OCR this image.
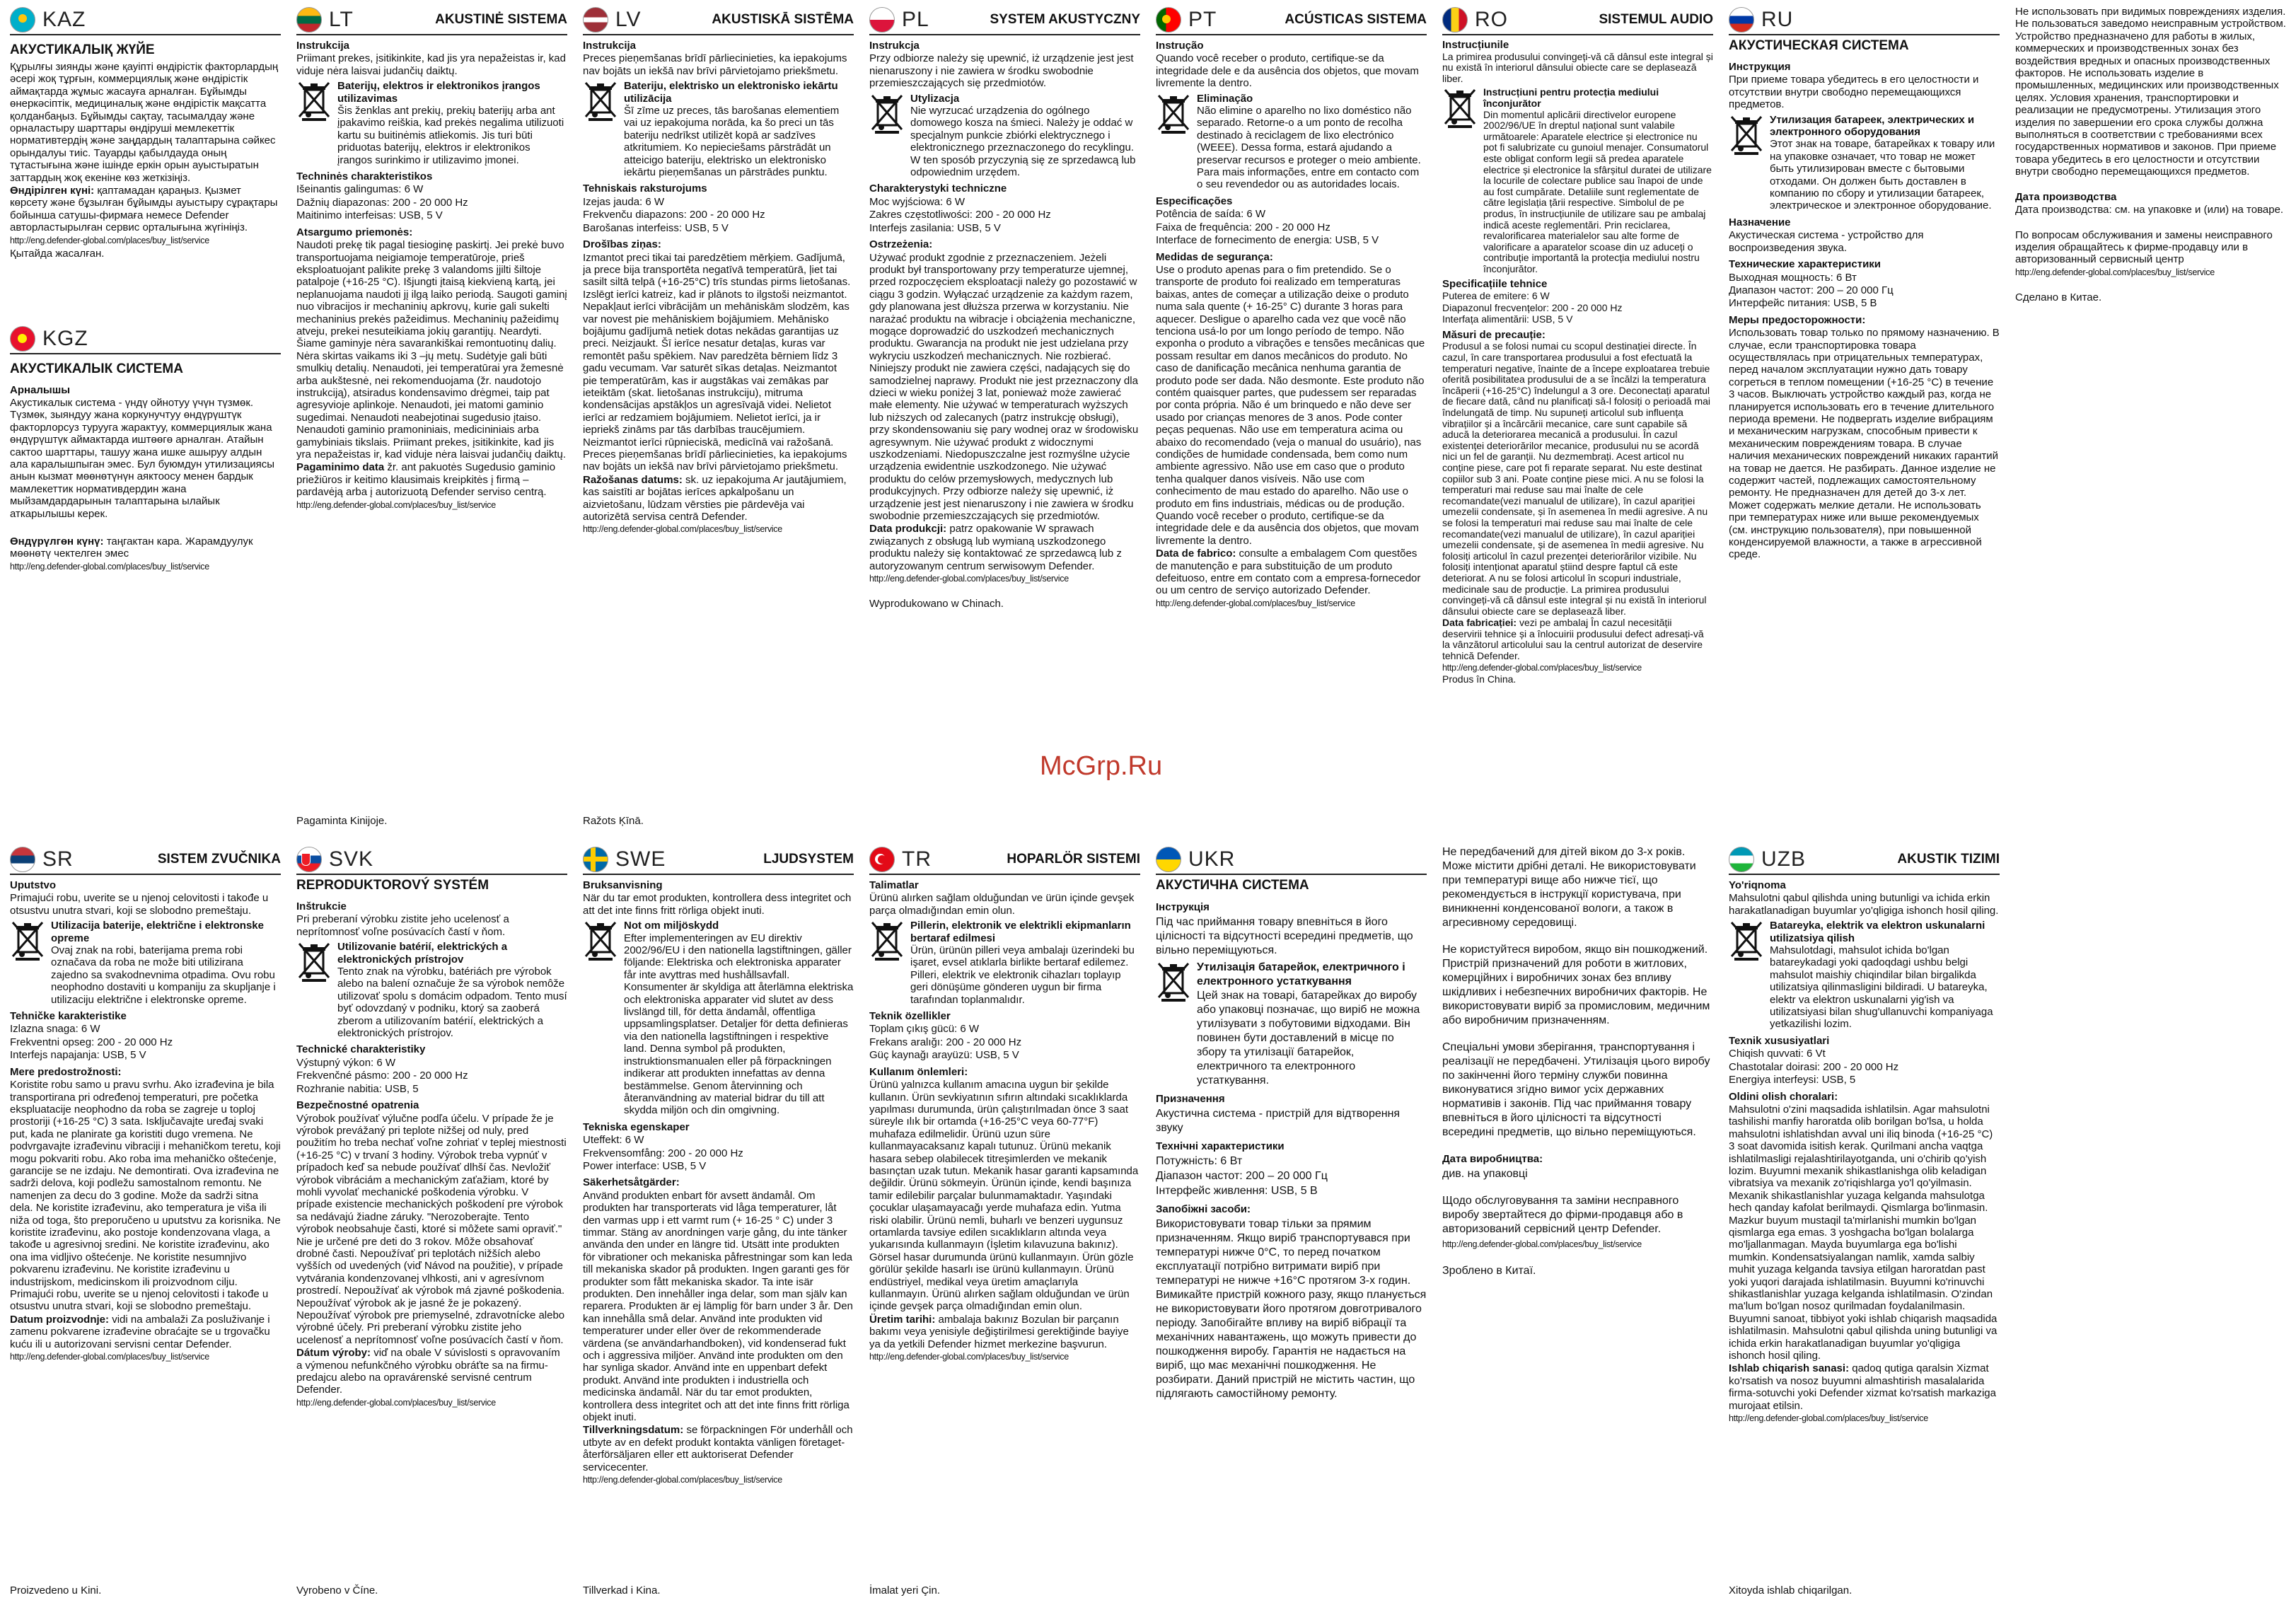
KAZ
АКУСТИКАЛЫҚ ЖҮЙЕ

Құрылғы зиянды және қауіпті өндірістік факторлардың әсері жоқ тұрғын, коммерциялық және өндірістік аймақтарда жұмыс жасауға арналған. Бұйымды өнеркәсіптік, медициналық және өндірістік мақсатта қолданбаңыз. Бұйымды сақтау, тасымалдау және орналастыру шарттары өндіруші мемлекеттік нормативтердің және заңдардың талаптарына сәйкес орындалуы тиіс. Тауарды қабылдауда оның тұтастығына және ішінде еркін орын ауыстыратын заттардың жоқ екеніне көз жеткізіңіз.

Өндірілген күні: қаптамадан қараңыз. Қызмет көрсету және бұзылған бұйымды ауыстыру сұрақтары бойынша сатушы-фирмаға немесе Defender авторластырылған сервис орталығына жүгініңіз.

http://eng.defender-global.com/places/buy_list/service

Қытайда жасалған.

KGZ
АКУСТИКАЛЫК СИСТЕМА
Арналышы

Акустикалык система - үндү ойнотуу үчүн түзмөк. Түзмөк, зыяндуу жана коркунучтуу өндүрүштүк факторлорсуз турууга жарактуу, коммерциялык жана өндүрүштүк аймактарда иштөөгө арналган. Атайын сактоо шарттары, ташуу жана ишке ашыруу алдын ала каралышпыган эмес. Бул буюмдун утилизациясы анын кызмат мөөнөтүнүн аяктоосу менен бардык мамлекеттик нормативдердин жана мыйзамдардарынын талаптарына ылайык аткарылышы керек.

Өндүрүлгөн күнү: таңгактан кара. Жарамдуулук мөөнөтү чектелген эмес

http://eng.defender-global.com/places/buy_list/service

LT	AKUSTINĖ SISTEMA
Instrukcija

Priimant prekes, įsitikinkite, kad jis yra nepažeistas ir, kad viduje nėra laisvai judančių daiktų.

Baterijų, elektros ir elektronikos įrangos utilizavimas
Šis ženklas ant prekių, prekių baterijų arba ant įpakavimo reiškia, kad prekės negalima utilizuoti kartu su buitinėmis atliekomis. Jis turi būti priduotas baterijų, elektros ir elektronikos įrangos surinkimo ir utilizavimo įmonei.
Techninės charakteristikos

Išeinantis galingumas: 6 W

Dažnių diapazonas: 200 - 20 000 Hz

Maitinimo interfeisas: USB, 5 V

Atsargumo priemonės:

Naudoti prekę tik pagal tiesioginę paskirtį. Jei prekė buvo transportuojama neigiamoje temperatūroje, prieš eksploatuojant palikite prekę 3 valandoms įjilti šiltoje patalpoje (+16-25 °C). Išjungti įtaisą kiekvieną kartą, jei neplanuojama naudoti jį ilgą laiko periodą. Saugoti gaminį nuo vibracijos ir mechaninių apkrovų, kurie gali sukelti mechaninius prekės pažeidimus. Mechaninių pažeidimų atveju, prekei nesuteikiama jokių garantijų. Neardyti. Šiame gaminyje nėra savarankiškai remontuotinų dalių. Nėra skirtas vaikams iki 3 –jų metų. Sudėtyje gali būti smulkių detalių. Nenaudoti, jei temperatūrai yra žemesnė arba aukštesnė, nei rekomenduojama (žr. naudotojo instrukciją), atsiradus kondensavimo drėgmei, taip pat agresyvioje aplinkoje. Nenaudoti, jei matomi gaminio sugedimai. Nenaudoti neabejotinai sugedusio įtaiso. Nenaudoti gaminio pramoniniais, medicininiais arba gamybiniais tikslais. Priimant prekes, įsitikinkite, kad jis yra nepažeistas ir, kad viduje nėra laisvai judančių daiktų.

Pagaminimo data žr. ant pakuotės Sugedusio gaminio priežiūros ir keitimo klausimais kreipkitės į firmą – pardavėją arba į autorizuotą Defender serviso centrą.

http://eng.defender-global.com/places/buy_list/service

Pagaminta Kinijoje.
LV	AKUSTISKĀ SISTĒMA
Instrukcija

Preces pieņemšanas brīdī pārliecinieties, ka iepakojums nav bojāts un iekšā nav brīvi pārvietojamo priekšmetu.

Bateriju, elektrisko un elektronisko iekārtu utilizācija
Šī zīme uz preces, tās barošanas elementiem vai uz iepakojuma norāda, ka šo preci un tās bateriju nedrīkst utilizēt kopā ar sadzīves atkritumiem. Ko nepieciešams pārstrādāt un atteicigo bateriju, elektrisko un elektronisko iekārtu pieņemšanas un pārstrādes punktu.
Tehniskais raksturojums

Izejas jauda: 6 W

Frekvenču diapazons: 200 - 20 000 Hz

Barošanas interfeiss: USB, 5 V

Drošības ziņas:

Izmantot preci tikai tai paredzētiem mērķiem. Gadījumā, ja prece bija transportēta negatīvā temperatūrā, ļiet tai sasilt siltā telpā (+16-25°C) trīs stundas pirms lietošanas. Izslēgt ierīci katreiz, kad ir plānots to ilgstoši neizmantot. Nepakļaut ierīci vibrācijām un mehāniskām slodzēm, kas var novest pie mehāniskiem bojājumiem. Mehānisko bojājumu gadījumā netiek dotas nekādas garantijas uz preci. Neizjaukt. Šī ierīce nesatur detaļas, kuras var remontēt pašu spēkiem. Nav paredzēta bērniem līdz 3 gadu vecumam. Var saturēt sīkas detaļas. Neizmantot pie temperatūrām, kas ir augstākas vai zemākas par ieteiktām (skat. lietošanas instrukciju), mitruma kondensācijas apstākļos un agresīvajā videi. Nelietot ierīci ar redzamiem bojājumiem. Nelietot ierīci, ja ir iepriekš zināms par tās darbības traucējumiem. Neizmantot ierīci rūpnieciskā, medicīnā vai ražošanā. Preces pieņemšanas brīdī pārliecinieties, ka iepakojums nav bojāts un iekšā nav brīvi pārvietojamo priekšmetu.

Ražošanas datums: sk. uz iepakojuma Ar jautājumiem, kas saistīti ar bojātas ierīces apkalpošanu un aizvietošanu, lūdzam vērsties pie pārdevēja vai autorizētā servisa centrā Defender.

http://eng.defender-global.com/places/buy_list/service

Ražots Ķīnā.
PL	SYSTEM AKUSTYCZNY
Instrukcja

Przy odbiorze należy się upewnić, iż urządzenie jest jest nienaruszony i nie zawiera w środku swobodnie przemieszczających się przedmiotów.

Utylizacja
Nie wyrzucać urządzenia do ogólnego domowego kosza na śmieci. Należy je oddać w specjalnym punkcie zbiórki elektrycznego i elektronicznego przeznaczonego do recyklingu. W ten sposób przyczynią się ze sprzedawcą lub odpowiednim urzędem.
Charakterystyki techniczne

Moc wyjściowa: 6 W

Zakres częstotliwości: 200 - 20 000 Hz

Interfejs zasilania: USB, 5 V

Ostrzeżenia:

Używać produkt zgodnie z przeznaczeniem. Jeżeli produkt był transportowany przy temperaturze ujemnej, przed rozpoczęciem eksploatacji należy go pozostawić w ciągu 3 godzin. Wyłączać urządzenie za każdym razem, gdy planowana jest dłuższa przerwa w korzystaniu. Nie narażać produktu na wibracje i obciążenia mechaniczne, mogące doprowadzić do uszkodzeń mechanicznych produktu. Gwarancja na produkt nie jest udzielana przy wykryciu uszkodzeń mechanicznych. Nie rozbierać. Niniejszy produkt nie zawiera części, nadających się do samodzielnej naprawy. Produkt nie jest przeznaczony dla dzieci w wieku poniżej 3 lat, ponieważ może zawierać małe elementy. Nie używać w temperaturach wyższych lub niższych od zalecanych (patrz instrukcję obsługi), przy skondensowaniu się pary wodnej oraz w środowisku agresywnym. Nie używać produkt z widocznymi uszkodzeniami. Niedopuszczalne jest rozmyślne użycie urządzenia ewidentnie uszkodzonego. Nie używać produktu do celów przemysłowych, medycznych lub produkcyjnych. Przy odbiorze należy się upewnić, iż urządzenie jest jest nienaruszony i nie zawiera w środku swobodnie przemieszczających się przedmiotów.

Data produkcji: patrz opakowanie W sprawach związanych z obsługą lub wymianą uszkodzonego produktu należy się kontaktować ze sprzedawcą lub z autoryzowanym centrum serwisowym Defender.

http://eng.defender-global.com/places/buy_list/service

Wyprodukowano w Chinach.

PT	ACÚSTICAS SISTEMA
Instrução

Quando você receber o produto, certifique-se da integridade dele e da ausência dos objetos, que movam livremente la dentro.

Eliminação
Não elimine o aparelho no lixo doméstico não separado. Retorne-o a um ponto de recolha destinado à reciclagem de lixo electrónico (WEEE). Dessa forma, estará ajudando a preservar recursos e proteger o meio ambiente. Para mais informações, entre em contacto com o seu revendedor ou as autoridades locais.
Especificações

Potência de saída: 6 W

Faixa de frequência: 200 - 20 000 Hz

Interface de fornecimento de energia: USB, 5 V

Medidas de segurança:

Use o produto apenas para o fim pretendido. Se o transporte de produto foi realizado em temperaturas baixas, antes de começar a utilização deixe o produto numa sala quente (+ 16-25° C) durante 3 horas para aquecer. Desligue o aparelho cada vez que você não tenciona usá-lo por um longo período de tempo. Não exponha o produto a vibrações e tensões mecânicas que possam resultar em danos mecânicos do produto. No caso de danificação mecânica nenhuma garantia de produto pode ser dada. Não desmonte. Este produto não contém quaisquer partes, que pudessem ser reparadas por conta própria. Não é um brinquedo e não deve ser usado por crianças menores de 3 anos. Pode conter peças pequenas. Não use em temperatura acima ou abaixo do recomendado (veja o manual do usuário), nas condições de humidade condensada, bem como num ambiente agressivo. Não use em caso que o produto tenha qualquer danos visíveis. Não use com conhecimento de mau estado do aparelho. Não use o produto em fins industriais, médicas ou de produção. Quando você receber o produto, certifique-se da integridade dele e da ausência dos objetos, que movam livremente la dentro.

Data de fabrico: consulte a embalagem Com questões de manutenção e para substituição de um produto defeituoso, entre em contato com a empresa-fornecedor ou um centro de serviço autorizado Defender.

http://eng.defender-global.com/places/buy_list/service

RO	SISTEMUL AUDIO
Instrucțiunile

La primirea produsului convingeți-vă că dânsul este integral și nu există în interiorul dânsului obiecte care se deplasează liber.

Instrucțiuni pentru protecția mediului înconjurător
Din momentul aplicării directivelor europene 2002/96/UE în dreptul național sunt valabile următoarele: Aparatele electrice și electronice nu pot fi salubrizate cu gunoiul menajer. Consumatorul este obligat conform legii să predea aparatele electrice și electronice la sfârșitul duratei de utilizare la locurile de colectare publice sau înapoi de unde au fost cumpărate. Detaliile sunt reglementate de către legislația țării respective. Simbolul de pe produs, în instrucțiunile de utilizare sau pe ambalaj indică aceste reglementări. Prin reciclarea, revalorificarea materialelor sau alte forme de valorificare a aparatelor scoase din uz aduceți o contribuție importantă la protecția mediului nostru înconjurător.
Specificațiile tehnice

Puterea de emitere: 6 W

Diapazonul frecvențelor: 200 - 20 000 Hz

Interfața alimentării: USB, 5 V

Măsuri de precauție:

Produsul a se folosi numai cu scopul destinației directe. În cazul, în care transportarea produsului a fost efectuată la temperaturi negative, înainte de a începe exploatarea trebuie oferită posibilitatea produsului de a se încălzi la temperatura încăperii (+16-25°C) îndelungul a 3 ore. Deconectați aparatul de fiecare dată, când nu planificați să-l folosiți o perioadă mai îndelungată de timp. Nu supuneți articolul sub influența vibrațiilor și a încărcării mecanice, care sunt capabile să aducă la deteriorarea mecanică a produsului. În cazul existenței deteriorărilor mecanice, produsului nu se acordă nici un fel de garanții. Nu dezmembrați. Acest articol nu conține piese, care pot fi reparate separat. Nu este destinat copiilor sub 3 ani. Poate conține piese mici. A nu se folosi la temperaturi mai reduse sau mai înalte de cele recomandate(vezi manualul de utilizare), în cazul apariției umezelii condensate, și în asemenea în medii agresive. A nu se folosi la temperaturi mai reduse sau mai înalte de cele recomandate(vezi manualul de utilizare), în cazul apariției umezelii condensate, și de asemenea în medii agresive. Nu folosiți articolul în cazul prezenței deteriorărilor vizibile. Nu folosiți intenționat aparatul știind despre faptul că este deteriorat. A nu se folosi articolul în scopuri industriale, medicinale sau de producție. La primirea produsului convingeți-vă că dânsul este integral și nu există în interiorul dânsului obiecte care se deplasează liber.

Data fabricației: vezi pe ambalaj În cazul necesității deservirii tehnice și a înlocuirii produsului defect adresați-vă la vânzătorul articolului sau la centrul autorizat de deservire tehnică Defender.

http://eng.defender-global.com/places/buy_list/service

Produs în China.

RU
АКУСТИЧЕСКАЯ СИСТЕМА
Инструкция

При приеме товара убедитесь в его целостности и отсутствии внутри свободно перемещающихся предметов.

Утилизация батареек, электрических и электронного оборудования
Этот знак на товаре, батарейках к товару или на упаковке означает, что товар не может быть утилизирован вместе с бытовыми отходами. Он должен быть доставлен в компанию по сбору и утилизации батареек, электрическое и электронное оборудование.
Назначение

Акустическая система - устройство для воспроизведения звука.

Технические характеристики

Выходная мощность: 6 Вт

Диапазон частот: 200 – 20 000 Гц

Интерфейс питания: USB, 5 В

Меры предосторожности:

Использовать товар только по прямому назначению. В случае, если транспортировка товара осуществлялась при отрицательных температурах, перед началом эксплуатации нужно дать товару согреться в теплом помещении (+16-25 °С) в течение 3 часов. Выключать устройство каждый раз, когда не планируется использовать его в течение длительного периода времени. Не подвергать изделие вибрациям и механическим нагрузкам, способным привести к механическим повреждениям товара. В случае наличия механических повреждений никаких гарантий на товар не дается. Не разбирать. Данное изделие не содержит частей, подлежащих самостоятельному ремонту. Не предназначен для детей до 3-х лет. Может содержать мелкие детали. Не использовать при температурах ниже или выше рекомендуемых (см. инструкцию пользователя), при повышенной конденсируемой влажности, а также в агрессивной среде.

Не использовать при видимых повреждениях изделия. Не пользоваться заведомо неисправным устройством. Устройство предназначено для работы в жилых, коммерческих и производственных зонах без воздействия вредных и опасных производственных факторов. Не использовать изделие в промышленных, медицинских или производственных целях. Условия хранения, транспортировки и реализации не предусмотрены. Утилизация этого изделия по завершении его срока службы должна выполняться в соответствии с требованиями всех государственных нормативов и законов. При приеме товара убедитесь в его целостности и отсутствии внутри свободно перемещающихся предметов.

Дата производства

Дата производства: см. на упаковке и (или) на товаре.

По вопросам обслуживания и замены неисправного изделия обращайтесь к фирме-продавцу или в авторизованный сервисный центр

http://eng.defender-global.com/places/buy_list/service

Сделано в Китае.

SR	SISTEM ZVUČNIKA
Uputstvo

Primajući robu, uverite se u njenoj celovitosti i takođe u otsustvu unutra stvari, koji se slobodno premeštaju.

Utilizacija baterije, električne i elektronske opreme
Ovaj znak na robi, baterijama prema robi označava da roba ne može biti utilizirana zajedno sa svakodnevnima otpadima. Ovu robu neophodno dostaviti u kompaniju za skupljanje i utilizaciju električne i elektronske opreme.
Tehničke karakteristike

Izlazna snaga: 6 W

Frekventni opseg: 200 - 20 000 Hz

Interfejs napajanja: USB, 5 V

Mere predostrožnosti:

Koristite robu samo u pravu svrhu. Ako izrađevina je bila transportirana pri određenoj temperaturi, pre početka ekspluatacije neophodno da roba se zagreje u toploj prostoriji (+16-25 °C) 3 sata. Isključavajte uređaj svaki put, kada ne planirate ga koristiti dugo vremena. Ne podvrgavajte izrađevinu vibraciji i mehaničkom teretu, koji mogu pokvariti robu. Ako roba ima mehaničko oštećenje, garancije se ne izdaju. Ne demontirati. Ova izrađevina ne sadrži delova, koji podležu samostalnom remontu. Ne namenjen za decu do 3 godine. Može da sadrži sitna dela. Ne koristite izrađevinu, ako temperatura je viša ili niža od toga, što preporučeno u uputstvu za korisnika. Ne koristite izrađevinu, ako postoje kondenzovana vlaga, a takođe u agresivnoj sredini. Ne koristite izrađevinu, ako ona ima vidljivo oštećenje. Ne koristite nesumnjivo pokvarenu izrađevinu. Ne koristite izrađevinu u industrijskom, medicinskom ili proizvodnom cilju. Primajući robu, uverite se u njenoj celovitosti i takođe u otsustvu unutra stvari, koji se slobodno premeštaju.

Datum proizvodnje: vidi na ambalaži Za posluživanje i zamenu pokvarene izrađevine obraćajte se u trgovačku kuću ili u autorizovani servisni centar Defender.

http://eng.defender-global.com/places/buy_list/service

Proizvedeno u Kini.
SVK
REPRODUKTOROVÝ SYSTÉM
Inštrukcie

Pri preberaní výrobku zistite jeho ucelenosť a neprítomnosť voľne posúvacích častí v ňom.

Utilizovanie batérií, elektrických a elektronických prístrojov
Tento znak na výrobku, batériách pre výrobok alebo na balení označuje že sa výrobok nemôže utilizovať spolu s domácim odpadom. Tento musí byť odovzdaný v podniku, ktorý sa zaoberá zberom a utilizovaním batérií, elektrických a elektronických prístrojov.
Technické charakteristiky

Výstupný výkon: 6 W

Frekvenčné pásmo: 200 - 20 000 Hz

Rozhranie nabitia: USB, 5

Bezpečnostné opatrenia

Výrobok používať výlučne podľa účelu. V prípade že je výrobok prevážaný pri teplote nižšej od nuly, pred použitím ho treba nechať voľne zohriať v teplej miestnosti (+16-25 °C) v trvaní 3 hodiny. Výrobok treba vypnúť v prípadoch keď sa nebude používať dlhší čas. Nevložiť výrobok vibráciám a mechanickým zaťažiam, ktoré by mohli vyvolať mechanické poškodenia výrobku. V prípade existencie mechanických poškodení pre výrobok sa nedávajú žiadne záruky. "Nerozoberajte. Tento výrobok neobsahuje časti, ktoré si môžete sami opraviť." Nie je určené pre deti do 3 rokov. Môže obsahovať drobné časti. Nepoužívať pri teplotách nižších alebo vyšších od uvedených (viď Návod na použitie), v prípade vytvárania kondenzovanej vlhkosti, ani v agresívnom prostredí. Nepoužívať ak výrobok má zjavné poškodenia. Nepoužívať výrobok ak je jasné že je pokazený. Nepoužívať výrobok pre priemyselné, zdravotnícke alebo výrobné účely. Pri preberaní výrobku zistite jeho ucelenosť a neprítomnosť voľne posúvacích častí v ňom.

Dátum výroby: viď na obale V súvislosti s opravovaním a výmenou nefunkčného výrobku obráťte sa na firmu-predajcu alebo na opravárenské servisné centrum Defender.

http://eng.defender-global.com/places/buy_list/service

Vyrobeno v Číne.
SWE	LJUDSYSTEM
Bruksanvisning

När du tar emot produkten, kontrollera dess integritet och att det inte finns fritt rörliga objekt inuti.

Not om miljöskydd
Efter implementeringen av EU direktiv 2002/96/EU i den nationella lagstiftningen, gäller följande: Elektriska och elektroniska apparater får inte avyttras med hushållsavfall. Konsumenter är skyldiga att återlämna elektriska och elektroniska apparater vid slutet av dess livslängd till, för detta ändamål, offentliga uppsamlingsplatser. Detaljer för detta definieras via den nationella lagstiftningen i respektive land. Denna symbol på produkten, instruktionsmanualen eller på förpackningen indikerar att produkten innefattas av denna bestämmelse. Genom återvinning och återanvändning av material bidrar du till att skydda miljön och din omgivning.
Tekniska egenskaper

Uteffekt: 6 W

Frekvensomfång: 200 - 20 000 Hz

Power interface: USB, 5 V

Säkerhetsåtgärder:

Använd produkten enbart för avsett ändamål. Om produkten har transporterats vid låga temperaturer, låt den varmas upp i ett varmt rum (+ 16-25 ° C) under 3 timmar. Stäng av anordningen varje gång, du inte tänker använda den under en längre tid. Utsätt inte produkten för vibrationer och mekaniska påfrestningar som kan leda till mekaniska skador på produkten. Ingen garanti ges för produkter som fått mekaniska skador. Ta inte isär produkten. Den innehåller inga delar, som man själv kan reparera. Produkten är ej lämplig för barn under 3 år. Den kan innehålla små delar. Använd inte produkten vid temperaturer under eller över de rekommenderade värdena (se användarhandboken), vid kondenserad fukt och i aggressiva miljöer. Använd inte produkten om den har synliga skador. Använd inte en uppenbart defekt produkt. Använd inte produkten i industriella och medicinska ändamål. När du tar emot produkten, kontrollera dess integritet och att det inte finns fritt rörliga objekt inuti.

Tillverkningsdatum: se förpackningen För underhåll och utbyte av en defekt produkt kontakta vänligen företaget-återförsäljaren eller ett auktoriserat Defender servicecenter.

http://eng.defender-global.com/places/buy_list/service

Tillverkad i Kina.
TR	HOPARLÖR SISTEMI
Talimatlar

Ürünü alırken sağlam olduğundan ve ürün içinde gevşek parça olmadığından emin olun.

Pillerin, elektronik ve elektrikli ekipmanların bertaraf edilmesi
Ürün, ürünün pilleri veya ambalajı üzerindeki bu işaret, evsel atıklarla birlikte bertaraf edilemez. Pilleri, elektrik ve elektronik cihazları toplayıp geri dönüşüme gönderen uygun bir firma tarafından toplanmalıdır.
Teknik özellikler

Toplam çıkış gücü: 6 W

Frekans aralığı: 200 - 20 000 Hz

Güç kaynağı arayüzü: USB, 5 V

Kullanım önlemleri:

Ürünü yalnızca kullanım amacına uygun bir şekilde kullanın. Ürün sevkiyatının sıfırın altındaki sıcaklıklarda yapılması durumunda, ürün çalıştırılmadan önce 3 saat süreyle ılık bir ortamda (+16-25°C veya 60-77°F) muhafaza edilmelidir. Ürünü uzun süre kullanmayacaksanız kapalı tutunuz. Ürünü mekanik hasara sebep olabilecek titreşimlerden ve mekanik basınçtan uzak tutun. Mekanik hasar garanti kapsamında değildir. Ürünü sökmeyin. Ürünün içinde, kendi başınıza tamir edilebilir parçalar bulunmamaktadır. Yaşındaki çocuklar ulaşamayacağı yerde muhafaza edin. Yutma riski olabilir. Ürünü nemli, buharlı ve benzeri uygunsuz ortamlarda tavsiye edilen sıcaklıkların altında veya yukarısında kullanmayın (İşletim kılavuzuna bakınız). Görsel hasar durumunda ürünü kullanmayın. Ürün gözle görülür şekilde hasarlı ise ürünü kullanmayın. Ürünü endüstriyel, medikal veya üretim amaçlarıyla kullanmayın. Ürünü alırken sağlam olduğundan ve ürün içinde gevşek parça olmadığından emin olun.

Üretim tarihi: ambalaja bakınız Bozulan bir parçanın bakımı veya yenisiyle değiştirilmesi gerektiğinde bayiye ya da yetkili Defender hizmet merkezine başvurun.

http://eng.defender-global.com/places/buy_list/service

İmalat yeri Çin.
UKR
АКУСТИЧНА СИСТЕМА
Інструкція

Під час приймання товару впевніться в його цілісності та відсутності всередині предметів, що вільно переміщуються.

Утилізація батарейок, електричного і електронного устаткування
Цей знак на товарі, батарейках до виробу або упаковці позначає, що виріб не можна утилізувати з побутовими відходами. Він повинен бути доставлений в місце по збору та утилізації батарейок, електричного та електронного устаткування.
Призначення

Акустична система - пристрій для відтворення звуку

Технічні характеристики

Потужність: 6 Вт

Діапазон частот: 200 – 20 000 Гц

Інтерфейс живлення: USB, 5 В

Запобіжні засоби:

Використовувати товар тільки за прямим призначенням. Якщо виріб транспортувався при температурі нижче 0°С, то перед початком експлуатації потрібно витримати виріб при температурі не нижче +16°С протягом 3-х годин. Вимикайте пристрій кожного разу, якщо планується не використовувати його протягом довготривалого періоду. Запобігайте впливу на виріб вібрації та механічних навантажень, що можуть привести до пошкодження виробу. Гарантія не надається на виріб, що має механічні пошкодження. Не розбирати. Даний пристрій не містить частин, що підлягають самостійному ремонту.

Не передбачений для дітей віком до 3-х років. Може містити дрібні деталі. Не використовувати при температурі вище або нижче тієї, що рекомендується в інструкції користувача, при виникненні конденсованої вологи, а також в агресивному середовищі.

Не користуйтеся виробом, якщо він пошкоджений. Пристрій призначений для роботи в житлових, комерційних і виробничих зонах без впливу шкідливих і небезпечних виробничих факторів. Не використовувати виріб за промисловим, медичним або виробничим призначенням.

Спеціальні умови зберігання, транспортування і реалізації не передбачені. Утилізація цього виробу по закінченні його терміну служби повинна виконуватися згідно вимог усіх державних нормативів і законів. Під час приймання товару впевніться в його цілісності та відсутності всередині предметів, що вільно переміщуються.

Дата виробництва:

див. на упаковці

Щодо обслуговування та заміни несправного виробу звертайтеся до фірми-продавця або в авторизований сервісний центр Defender.

http://eng.defender-global.com/places/buy_list/service

Зроблено в Китаї.

UZB	AKUSTIK TIZIMI
Yo'riqnoma

Mahsulotni qabul qilishda uning butunligi va ichida erkin harakatlanadigan buyumlar yo'qligiga ishonch hosil qiling.

Batareyka, elektrik va elektron uskunalarni utilizatsiya qilish
Mahsulotdagi, mahsulot ichida bo'lgan batareykadagi yoki qadoqdagi ushbu belgi mahsulot maishiy chiqindilar bilan birgalikda utilizatsiya qilinmasligini bildiradi. U batareyka, elektr va elektron uskunalarni yig'ish va utilizatsiyasi bilan shug'ullanuvchi kompaniyaga yetkazilishi lozim.
Texnik xususiyatlari

Chiqish quvvati: 6 Vt

Chastotalar doirasi: 200 - 20 000 Hz

Energiya interfeysi: USB, 5

Oldini olish choralari:

Mahsulotni o'zini maqsadida ishlatilsin. Agar mahsulotni tashilishi manfiy haroratda olib borilgan bo'lsa, u holda mahsulotni ishlatishdan avval uni iliq binoda (+16-25 °C) 3 soat davomida isitish kerak. Qurilmani ancha vaqtga ishlatilmasligi rejalashtirilayotganda, uni o'chirib qo'yish lozim. Buyumni mexanik shikastlanishga olib keladigan vibratsiya va mexanik zo'riqishlarga yo'l qo'yilmasin. Mexanik shikastlanishlar yuzaga kelganda mahsulotga hech qanday kafolat berilmaydi. Qismlarga bo'linmasin. Mazkur buyum mustaqil ta'mirlanishi mumkin bo'lgan qismlarga ega emas. 3 yoshgacha bo'lgan bolalarga mo'ljallanmagan. Mayda buyumlarga ega bo'lishi mumkin. Kondensatsiyalangan namlik, xamda salbiy muhit yuzaga kelganda tavsiya etilgan haroratdan past yoki yuqori darajada ishlatilmasin. Buyumni ko'rinuvchi shikastlanishlar yuzaga kelganda ishlatilmasin. O'zindan ma'lum bo'lgan nosoz qurilmadan foydalanilmasin. Buyumni sanoat, tibbiyot yoki ishlab chiqarish maqsadida ishlatilmasin. Mahsulotni qabul qilishda uning butunligi va ichida erkin harakatlanadigan buyumlar yo'qligiga ishonch hosil qiling.

Ishlab chiqarish sanasi: qadoq qutiga qaralsin Xizmat ko'rsatish va nosoz buyumni almashtirish masalalarida firma-sotuvchi yoki Defender xizmat ko'rsatish markaziga murojaat etilsin.

http://eng.defender-global.com/places/buy_list/service

Xitoyda ishlab chiqarilgan.
McGrp.Ru
